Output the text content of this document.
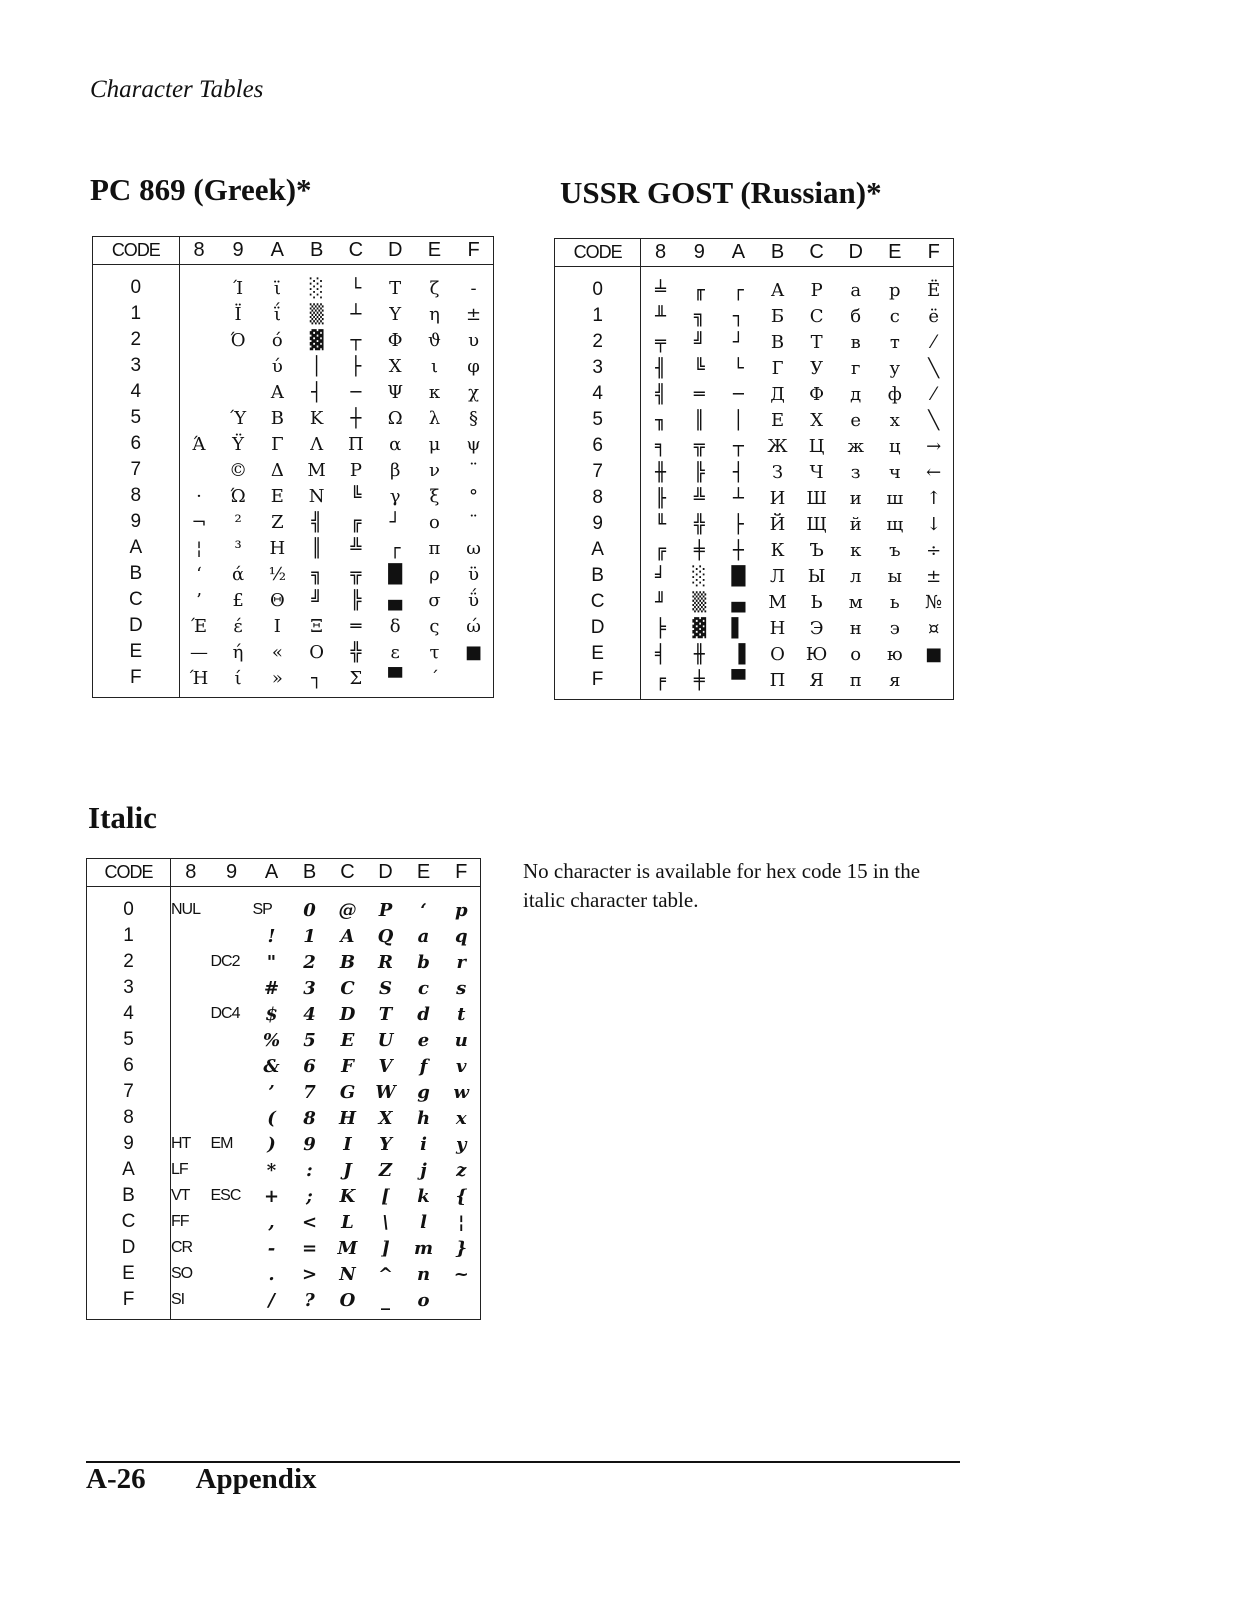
Character Tables
PC 869 (Greek)*
CODE	8	9	A	B	C	D	E	F

0		Ί	ϊ	░	└	Τ	ζ	-
1		Ϊ	ΐ	▒	┴	Υ	η	±
2		Ό	ό	▓	┬	Φ	ϑ	υ
3			ύ	│	├	Χ	ι	φ
4			Α	┤	─	Ψ	κ	χ
5		Ύ	Β	Κ	┼	Ω	λ	§
6	Ά	Ϋ	Γ	Λ	Π	α	μ	ψ
7		©	Δ	Μ	Ρ	β	ν	¨
8	·	Ώ	Ε	Ν	╚	γ	ξ	°
9	¬	²	Ζ	╣	╔	┘	ο	¨
A	¦	³	Η	║	╩	┌	π	ω
B	‘	ά	½	╗	╦	█	ρ	ϋ
C	’	£	Θ	╝	╠	▄	σ	ΰ
D	Έ	έ	Ι	Ξ	═	δ	ς	ώ
E	—	ή	«	Ο	╬	ε	τ	■
F	Ή	ί	»	┐	Σ	▀	΄	

USSR GOST (Russian)*
CODE	8	9	A	B	C	D	E	F

0	╧	╓	┌	А	Р	а	р	Ё
1	╨	╗	┐	Б	С	б	с	ё
2	╤	╝	┘	В	Т	в	т	⁄
3	╢	╚	└	Г	У	г	у	╲
4	╣	═	─	Д	Ф	д	ф	⁄
5	╖	║	│	Е	Х	е	х	╲
6	╕	╦	┬	Ж	Ц	ж	ц	→
7	╫	╠	┤	З	Ч	з	ч	←
8	╟	╩	┴	И	Ш	и	ш	↑
9	╙	╬	├	Й	Щ	й	щ	↓
A	╔	╪	┼	К	Ъ	к	ъ	÷
B	╛	░	█	Л	Ы	л	ы	±
C	╜	▒	▄	М	Ь	м	ь	№
D	╞	▓	▌	Н	Э	н	э	¤
E	╡	╫	▐	О	Ю	о	ю	■
F	╒	╪	▀	П	Я	п	я	

Italic
CODE	8	9	A	B	C	D	E	F

0	NUL		SP	0	@	P	‘	p
1			!	1	A	Q	a	q
2		DC2	"	2	B	R	b	r
3			#	3	C	S	c	s
4		DC4	$	4	D	T	d	t
5			%	5	E	U	e	u
6			&	6	F	V	f	v
7			’	7	G	W	g	w
8			(	8	H	X	h	x
9	HT	EM	)	9	I	Y	i	y
A	LF		*	:	J	Z	j	z
B	VT	ESC	+	;	K	[	k	{
C	FF		,	<	L	\	l	¦
D	CR		-	=	M	]	m	}
E	SO		.	>	N	^	n	~
F	SI		/	?	O	_	o	

No character is available for hex code 15 in the italic character table.
A-26 Appendix
